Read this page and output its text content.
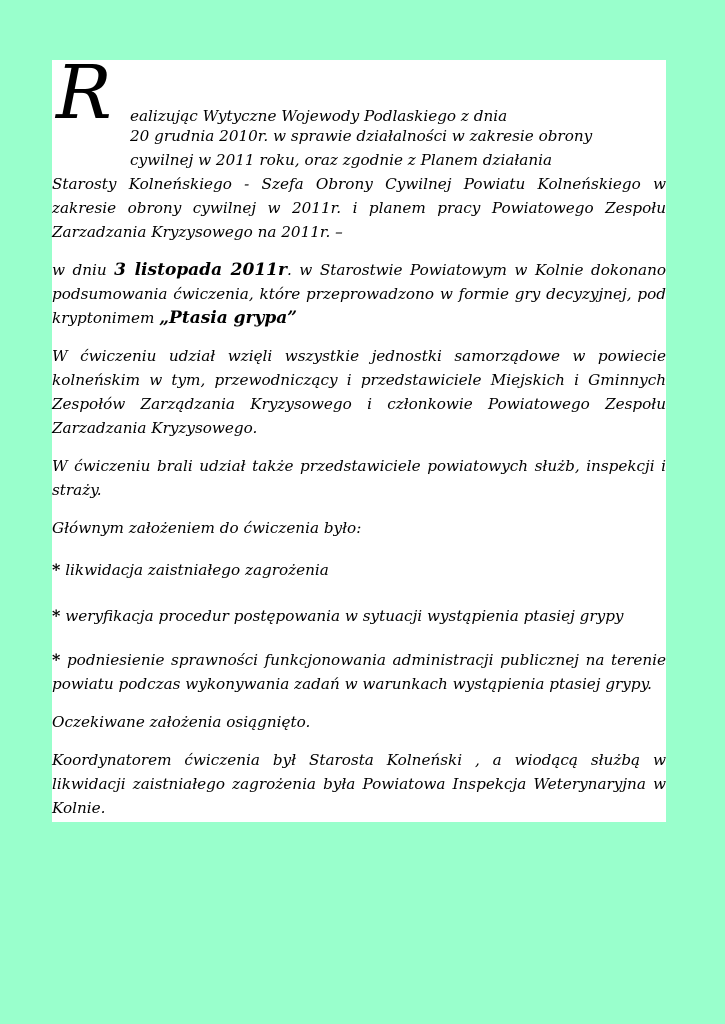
R	ealizując Wytyczne Wojewody Podlaskiego z dnia
20 grudnia 2010r. w sprawie działalności w zakresie obrony
cywilnej w 2011 roku, oraz zgodnie z Planem działania
Starosty Kolneńskiego - Szefa Obrony Cywilnej Powiatu Kolneńskiego w zakresie obrony cywilnej w 2011r. i planem pracy Powiatowego Zespołu Zarzadzania Kryzysowego na 2011r. –
w dniu 3 listopada 2011r. w Starostwie Powiatowym w Kolnie dokonano podsumowania ćwiczenia, które przeprowadzono w formie gry decyzyjnej, pod kryptonimem „Ptasia grypa”
W ćwiczeniu udział wzięli wszystkie jednostki samorządowe w powiecie kolneńskim w tym, przewodniczący i przedstawiciele Miejskich i Gminnych Zespołów Zarządzania Kryzysowego i członkowie Powiatowego Zespołu Zarzadzania Kryzysowego.
W ćwiczeniu brali udział także przedstawiciele powiatowych służb, inspekcji i straży.
Głównym założeniem do ćwiczenia było:
* likwidacja zaistniałego zagrożenia
* weryfikacja procedur postępowania w sytuacji wystąpienia ptasiej grypy
* podniesienie sprawności funkcjonowania administracji publicznej na terenie powiatu podczas wykonywania zadań w warunkach wystąpienia ptasiej grypy.
Oczekiwane założenia osiągnięto.
Koordynatorem ćwiczenia był Starosta Kolneński , a wiodącą służbą w likwidacji zaistniałego zagrożenia była Powiatowa Inspekcja Weterynaryjna w Kolnie.
